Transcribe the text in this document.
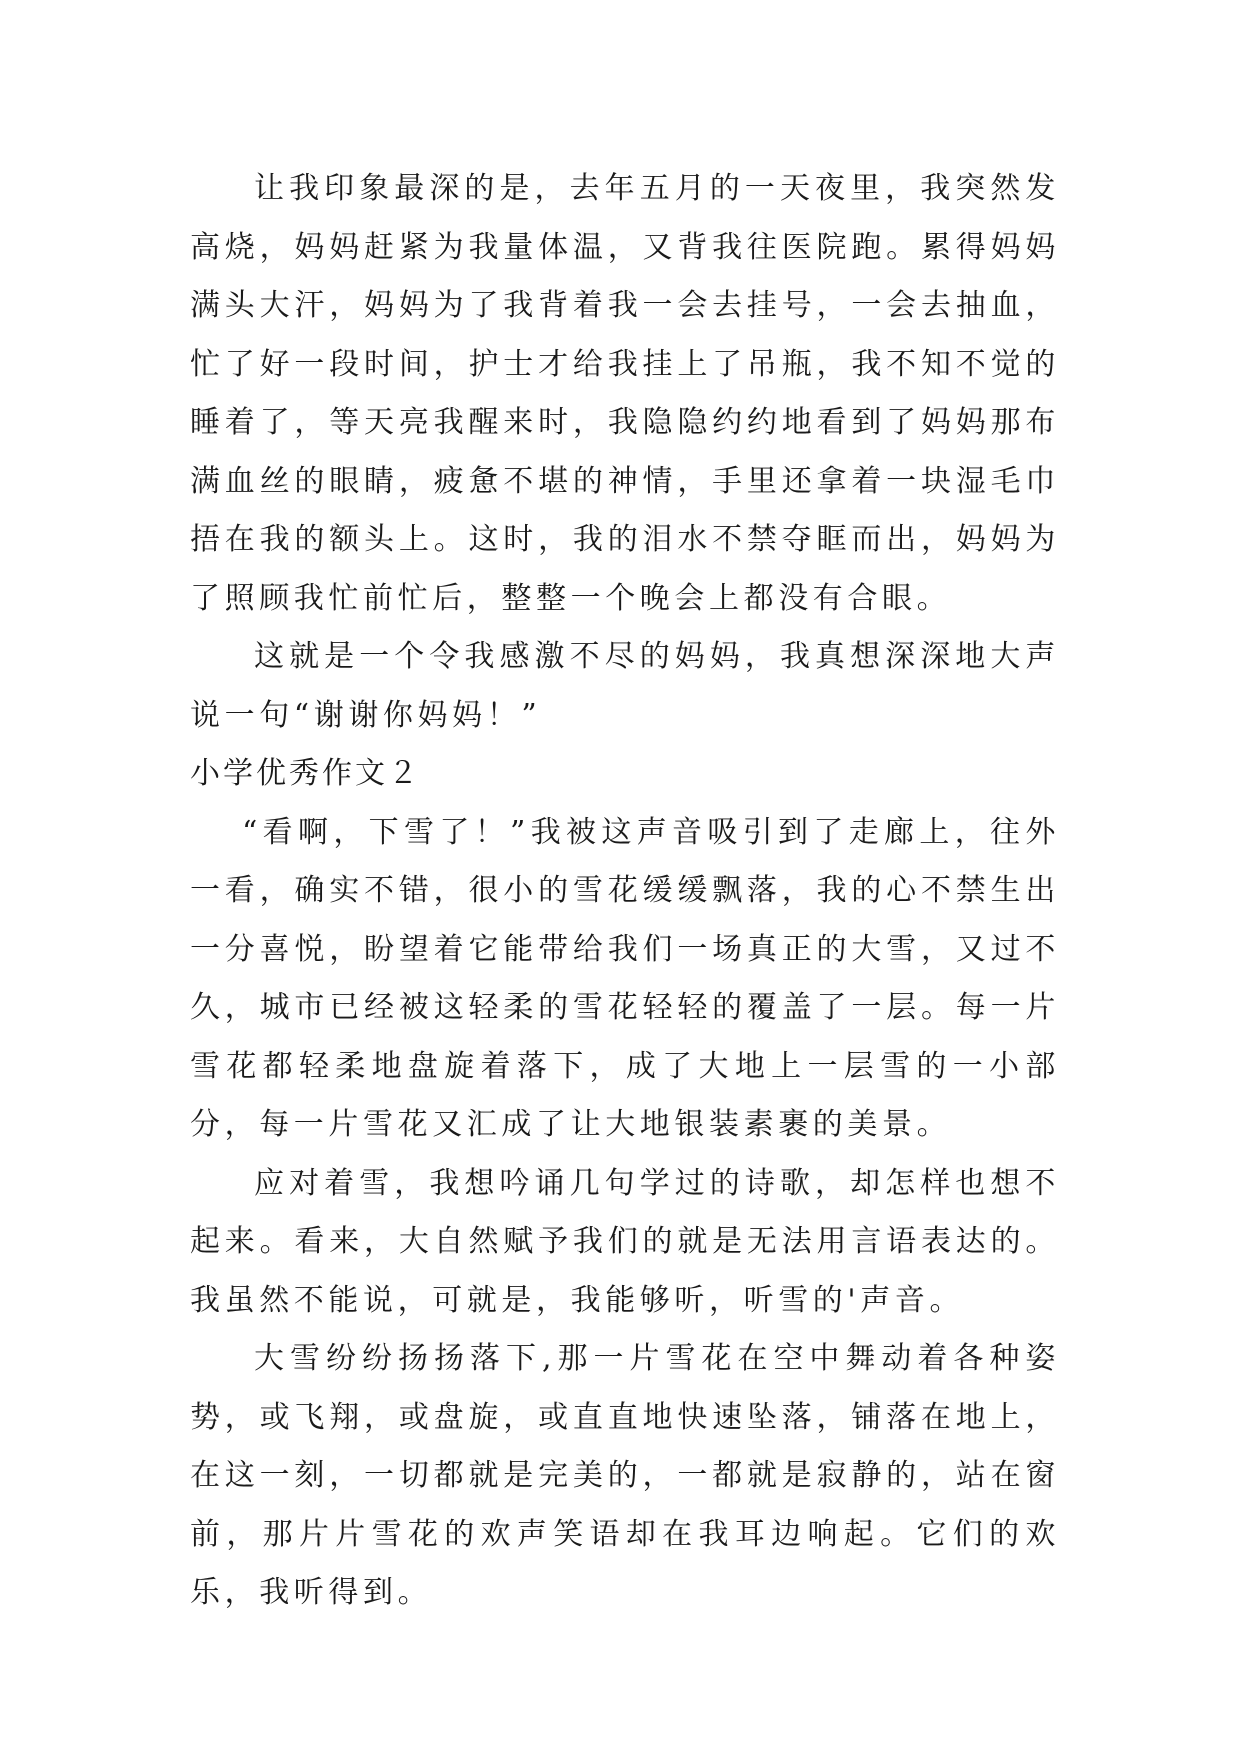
让我印象最深的是，去年五月的一天夜里，我突然发高烧，妈妈赶紧为我量体温，又背我往医院跑。累得妈妈满头大汗，妈妈为了我背着我一会去挂号，一会去抽血，忙了好一段时间，护士才给我挂上了吊瓶，我不知不觉的睡着了，等天亮我醒来时，我隐隐约约地看到了妈妈那布满血丝的眼睛，疲惫不堪的神情，手里还拿着一块湿毛巾捂在我的额头上。这时，我的泪水不禁夺眶而出，妈妈为了照顾我忙前忙后，整整一个晚会上都没有合眼。

这就是一个令我感激不尽的妈妈，我真想深深地大声说一句“谢谢你妈妈！”

小学优秀作文２

“看啊，下雪了！”我被这声音吸引到了走廊上，往外一看，确实不错，很小的雪花缓缓飘落，我的心不禁生出一分喜悦，盼望着它能带给我们一场真正的大雪，又过不久，城市已经被这轻柔的雪花轻轻的覆盖了一层。每一片雪花都轻柔地盘旋着落下，成了大地上一层雪的一小部分，每一片雪花又汇成了让大地银装素裹的美景。

应对着雪，我想吟诵几句学过的诗歌，却怎样也想不起来。看来，大自然赋予我们的就是无法用言语表达的。我虽然不能说，可就是，我能够听，听雪的'声音。

大雪纷纷扬扬落下,那一片雪花在空中舞动着各种姿势，或飞翔，或盘旋，或直直地快速坠落，铺落在地上，在这一刻，一切都就是完美的，一都就是寂静的，站在窗前，那片片雪花的欢声笑语却在我耳边响起。它们的欢乐，我听得到。
